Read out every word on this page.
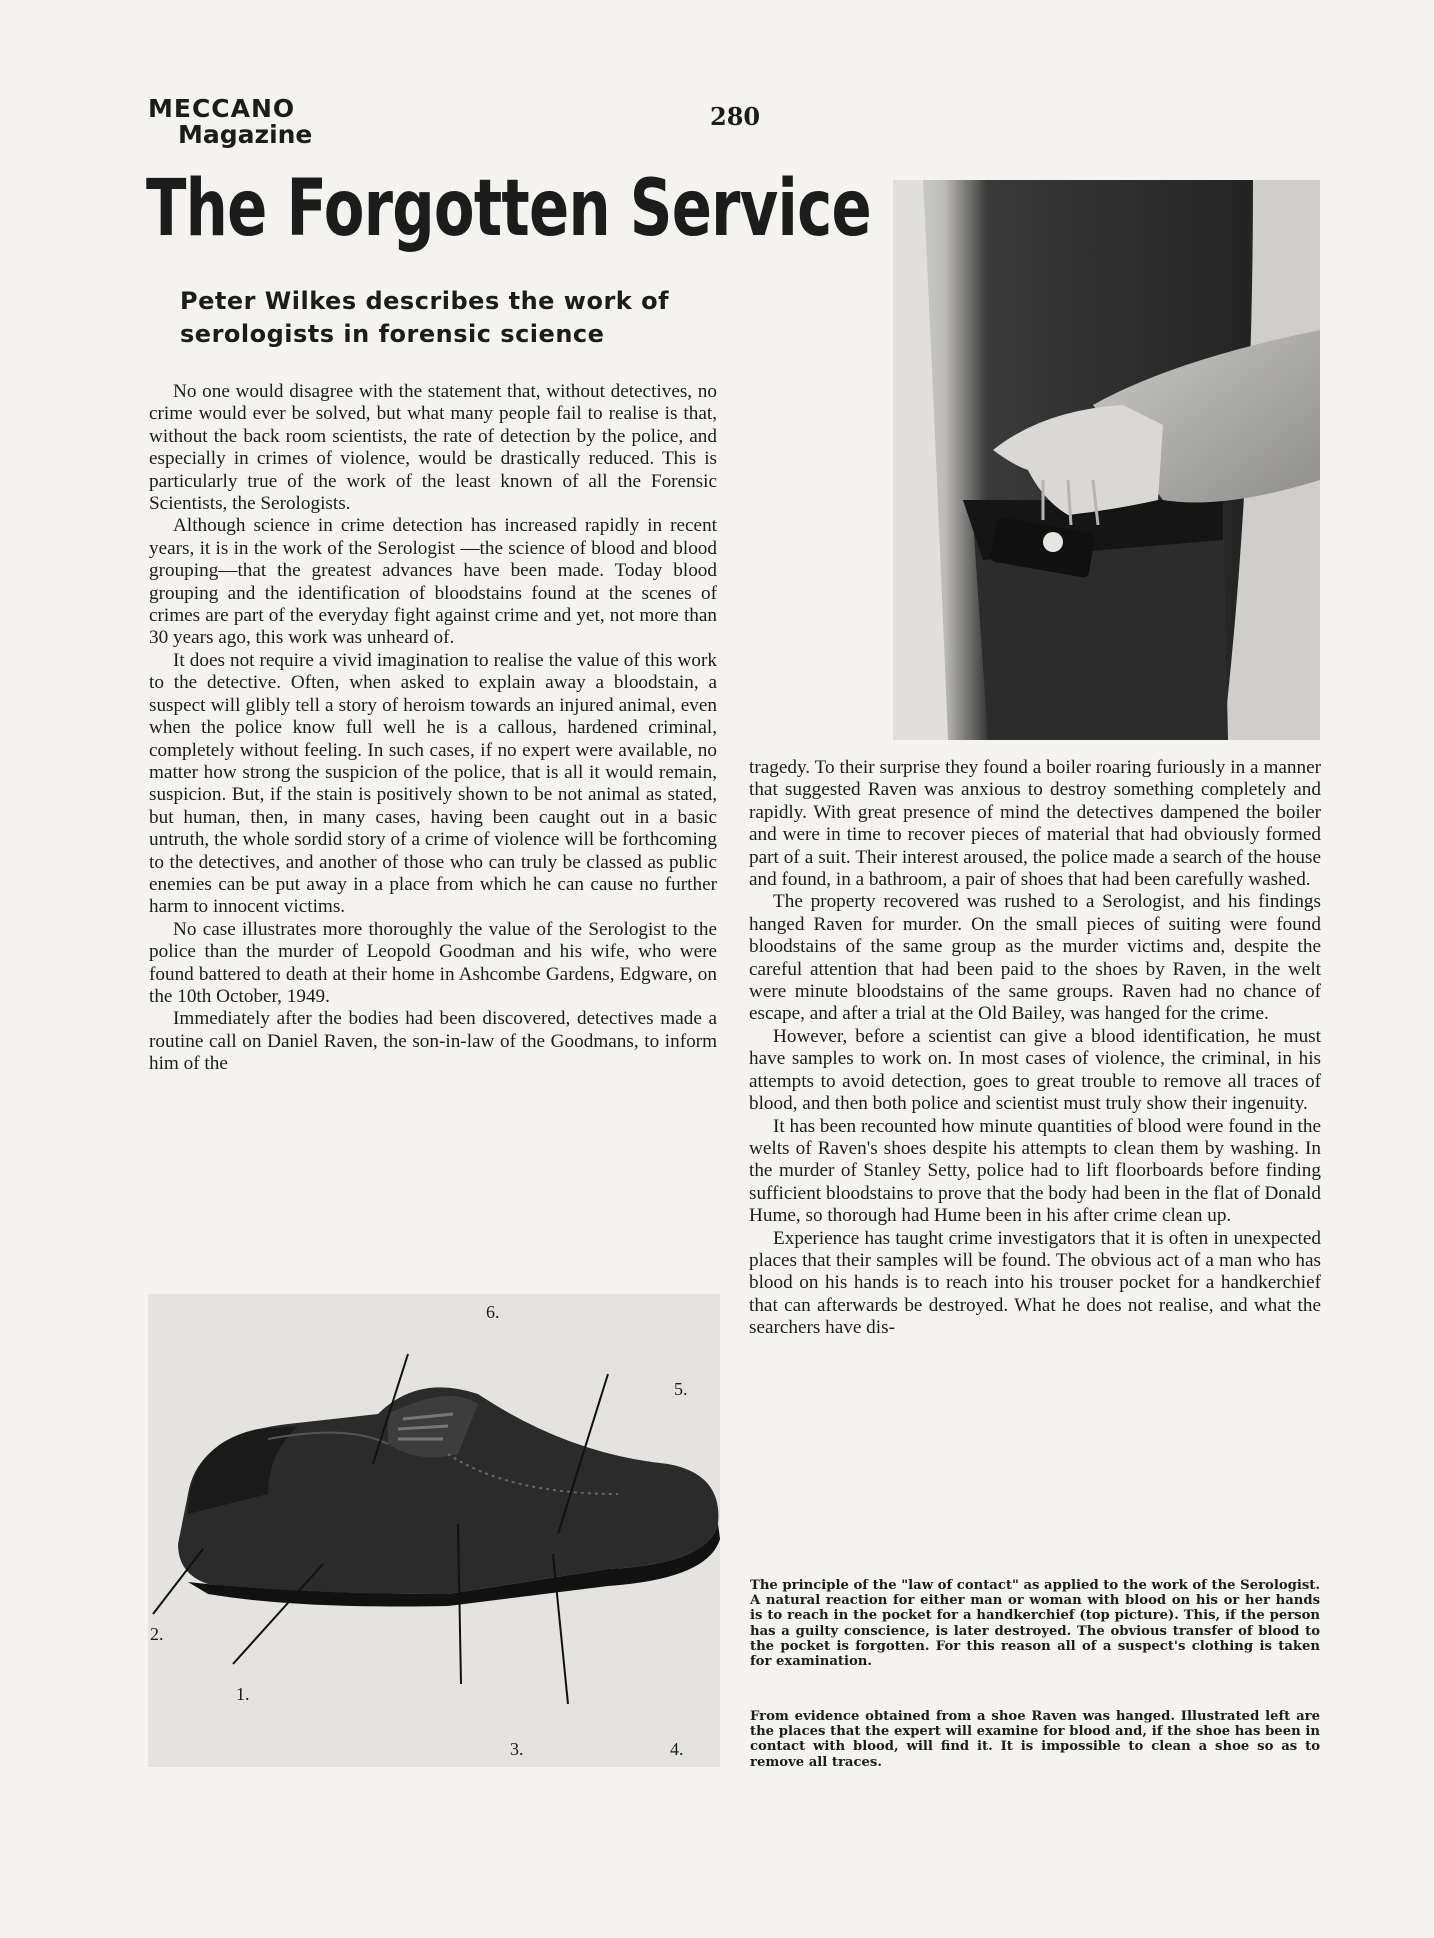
MECCANO
Magazine
280
The Forgotten Service
Peter Wilkes describes the work of
serologists in forensic science

No one would disagree with the statement that, without detectives, no crime would ever be solved, but what many people fail to realise is that, without the back room scientists, the rate of detection by the police, and especially in crimes of violence, would be drastically reduced. This is particularly true of the work of the least known of all the Forensic Scientists, the Serologists.

Although science in crime detection has increased rapidly in recent years, it is in the work of the Serologist —the science of blood and blood grouping—that the greatest advances have been made. Today blood grouping and the identification of bloodstains found at the scenes of crimes are part of the everyday fight against crime and yet, not more than 30 years ago, this work was unheard of.

It does not require a vivid imagination to realise the value of this work to the detective. Often, when asked to explain away a bloodstain, a suspect will glibly tell a story of heroism towards an injured animal, even when the police know full well he is a callous, hardened criminal, completely without feeling. In such cases, if no expert were available, no matter how strong the suspicion of the police, that is all it would remain, suspicion. But, if the stain is positively shown to be not animal as stated, but human, then, in many cases, having been caught out in a basic untruth, the whole sordid story of a crime of violence will be forthcoming to the detectives, and another of those who can truly be classed as public enemies can be put away in a place from which he can cause no further harm to innocent victims.

No case illustrates more thoroughly the value of the Serologist to the police than the murder of Leopold Goodman and his wife, who were found battered to death at their home in Ashcombe Gardens, Edgware, on the 10th October, 1949.

Immediately after the bodies had been discovered, detectives made a routine call on Daniel Raven, the son-in-law of the Goodmans, to inform him of the

tragedy. To their surprise they found a boiler roaring furiously in a manner that suggested Raven was anxious to destroy something completely and rapidly. With great presence of mind the detectives dampened the boiler and were in time to recover pieces of material that had obviously formed part of a suit. Their interest aroused, the police made a search of the house and found, in a bathroom, a pair of shoes that had been carefully washed.

The property recovered was rushed to a Serologist, and his findings hanged Raven for murder. On the small pieces of suiting were found bloodstains of the same group as the murder victims and, despite the careful attention that had been paid to the shoes by Raven, in the welt were minute bloodstains of the same groups. Raven had no chance of escape, and after a trial at the Old Bailey, was hanged for the crime.

However, before a scientist can give a blood identification, he must have samples to work on. In most cases of violence, the criminal, in his attempts to avoid detection, goes to great trouble to remove all traces of blood, and then both police and scientist must truly show their ingenuity.

It has been recounted how minute quantities of blood were found in the welts of Raven's shoes despite his attempts to clean them by washing. In the murder of Stanley Setty, police had to lift floorboards before finding sufficient bloodstains to prove that the body had been in the flat of Donald Hume, so thorough had Hume been in his after crime clean up.

Experience has taught crime investigators that it is often in unexpected places that their samples will be found. The obvious act of a man who has blood on his hands is to reach into his trouser pocket for a handkerchief that can afterwards be destroyed. What he does not realise, and what the searchers have dis-

6.
5.
2.
1.
3.	4.
The principle of the "law of contact" as applied to the work of the Serologist. A natural reaction for either man or woman with blood on his or her hands is to reach in the pocket for a handkerchief (top picture). This, if the person has a guilty conscience, is later destroyed. The obvious transfer of blood to the pocket is forgotten. For this reason all of a suspect's clothing is taken for examination.
From evidence obtained from a shoe Raven was hanged. Illustrated left are the places that the expert will examine for blood and, if the shoe has been in contact with blood, will find it. It is impossible to clean a shoe so as to remove all traces.
